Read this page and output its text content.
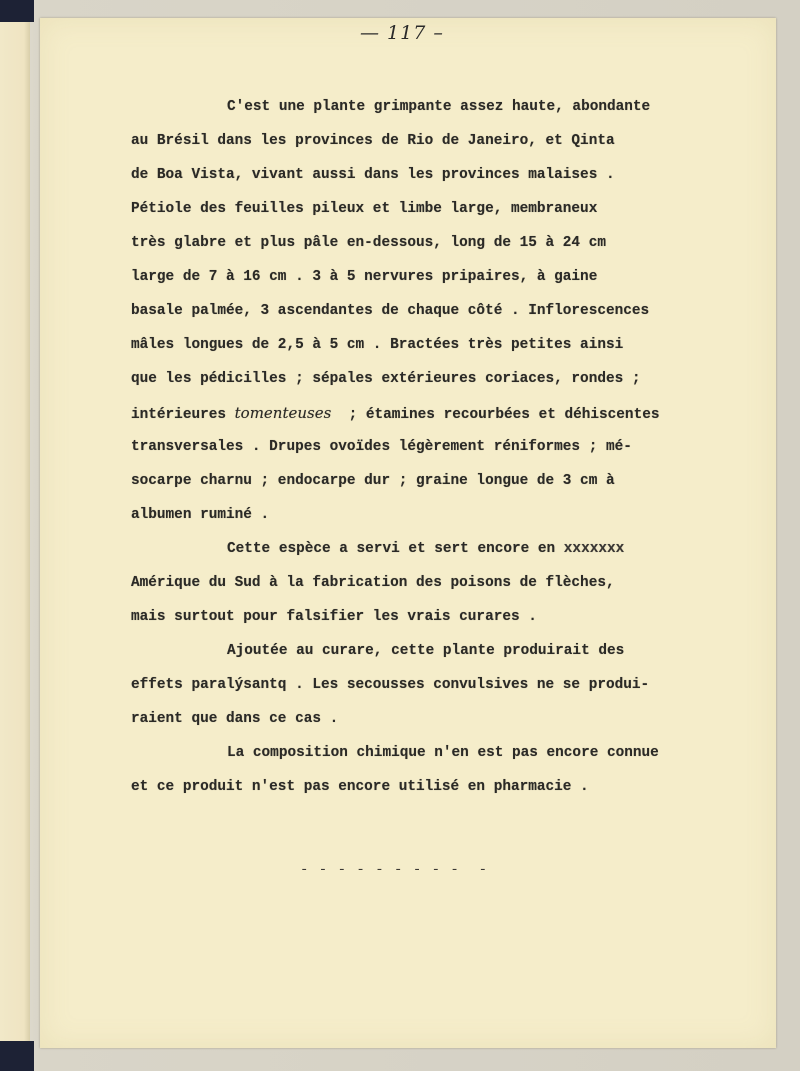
— 117 –
C'est une plante grimpante assez haute, abondante
au Brésil dans les provinces de Rio de Janeiro, et Qinta
de Boa Vista, vivant aussi dans les provinces malaises .
Pétiole des feuilles pileux et limbe large, membraneux
très glabre et plus pâle en-dessous, long de 15 à 24 cm
large de 7 à 16 cm . 3 à 5 nervures pripaires, à gaine
basale palmée, 3 ascendantes de chaque côté . Inflorescences
mâles longues de 2,5 à 5 cm . Bractées très petites ainsi
que les pédicilles ; sépales extérieures coriaces, rondes ;
intérieures tomenteuses  ; étamines recourbées et déhiscentes
transversales . Drupes ovoïdes légèrement réniformes ; mé-
socarpe charnu ; endocarpe dur ; graine longue de 3 cm à
albumen ruminé .
Cette espèce a servi et sert encore en xxxxxxx
Amérique du Sud à la fabrication des poisons de flèches,
mais surtout pour falsifier les vrais curares .
Ajoutée au curare, cette plante produirait des
effets paralýsantq . Les secousses convulsives ne se produi-
raient que dans ce cas .
La composition chimique n'en est pas encore connue
et ce produit n'est pas encore utilisé en pharmacie .
- - - - - - - - -  -
